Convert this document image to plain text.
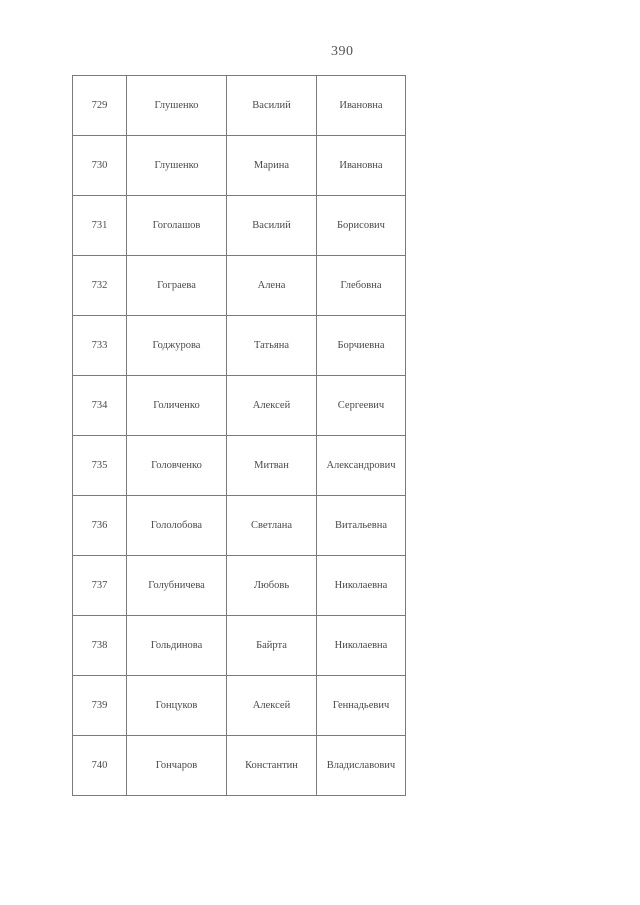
390
729	Глушенко	Василий	Ивановна
730	Глушенко	Марина	Ивановна
731	Гоголашов	Василий	Борисович
732	Гограева	Алена	Глебовна
733	Годжурова	Татьяна	Борчиевна
734	Голиченко	Алексей	Сергеевич
735	Головченко	Митван	Александрович
736	Гололобова	Светлана	Витальевна
737	Голубничева	Любовь	Николаевна
738	Гольдинова	Байрта	Николаевна
739	Гонцуков	Алексей	Геннадьевич
740	Гончаров	Константин	Владиславович
